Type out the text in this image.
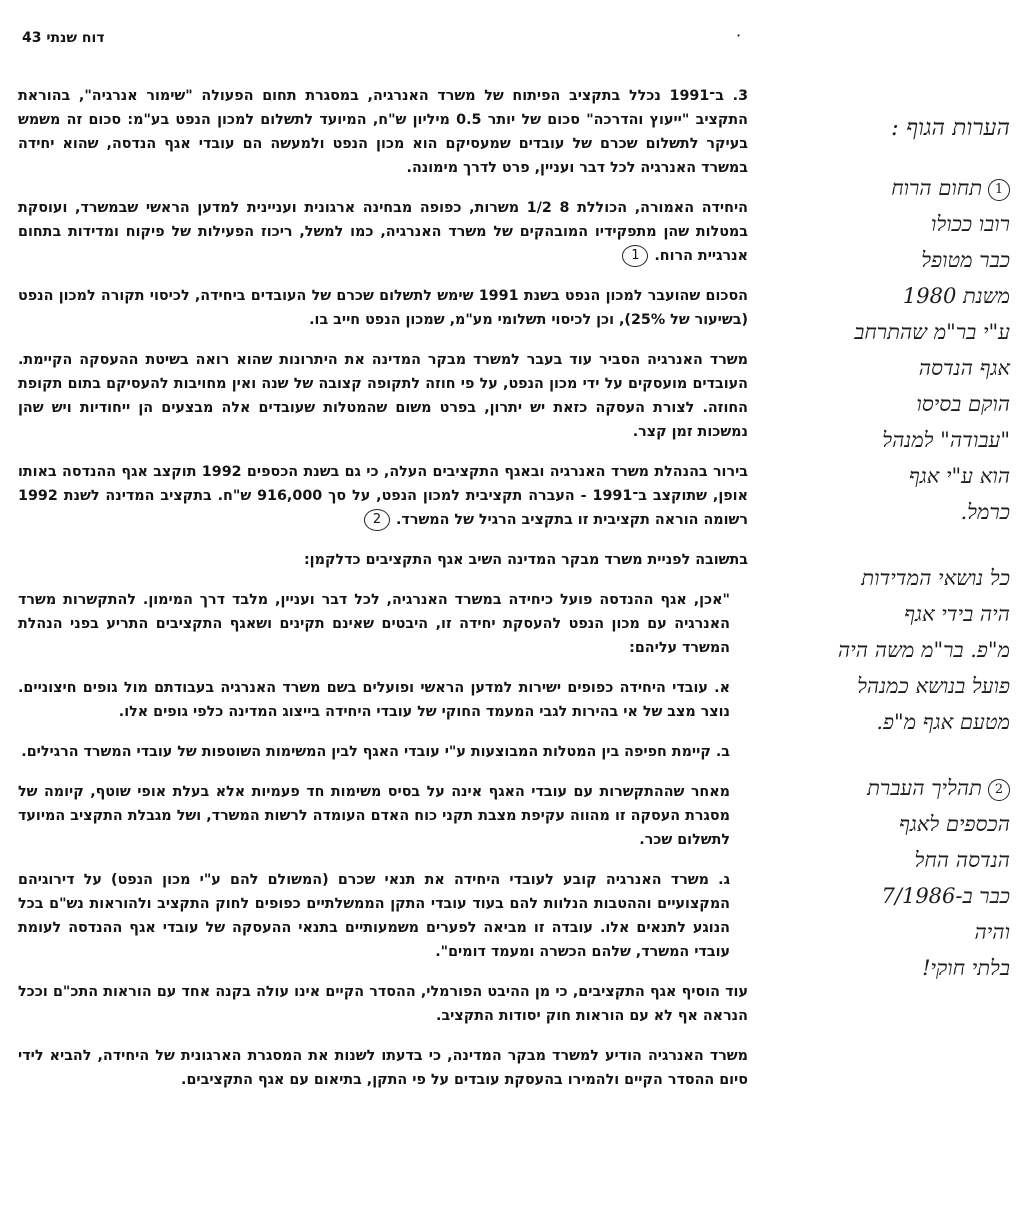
דוח שנתי 43	·

3. ב־1991 נכלל בתקציב הפיתוח של משרד האנרגיה, במסגרת תחום הפעולה "שימור אנרגיה", בהוראת התקציב "ייעוץ והדרכה" סכום של יותר 0.5 מיליון ש"ח, המיועד לתשלום למכון הנפט בע"מ: סכום זה משמש בעיקר לתשלום שכרם של עובדים שמעסיקם הוא מכון הנפט ולמעשה הם עובדי אגף הנדסה, שהוא יחידה במשרד האנרגיה לכל דבר ועניין, פרט לדרך מימונה.

היחידה האמורה, הכוללת 8 1/2 משרות, כפופה מבחינה ארגונית ועניינית למדען הראשי שבמשרד, ועוסקת במטלות שהן מתפקידיו המובהקים של משרד האנרגיה, כמו למשל, ריכוז הפעילות של פיקוח ומדידות בתחום אנרגיית הרוח.1

הסכום שהועבר למכון הנפט בשנת 1991 שימש לתשלום שכרם של העובדים ביחידה, לכיסוי תקורה למכון הנפט (בשיעור של 25%), וכן לכיסוי תשלומי מע"מ, שמכון הנפט חייב בו.

משרד האנרגיה הסביר עוד בעבר למשרד מבקר המדינה את היתרונות שהוא רואה בשיטת ההעסקה הקיימת. העובדים מועסקים על ידי מכון הנפט, על פי חוזה לתקופה קצובה של שנה ואין מחויבות להעסיקם בתום תקופת החוזה. לצורת העסקה כזאת יש יתרון, בפרט משום שהמטלות שעובדים אלה מבצעים הן ייחודיות ויש שהן נמשכות זמן קצר.

בירור בהנהלת משרד האנרגיה ובאגף התקציבים העלה, כי גם בשנת הכספים 1992 תוקצב אגף ההנדסה באותו אופן, שתוקצב ב־1991 - העברה תקציבית למכון הנפט, על סך 916,000 ש"ח. בתקציב המדינה לשנת 1992 רשומה הוראה תקציבית זו בתקציב הרגיל של המשרד.2

בתשובה לפניית משרד מבקר המדינה השיב אגף התקציבים כדלקמן:

"אכן, אגף ההנדסה פועל כיחידה במשרד האנרגיה, לכל דבר ועניין, מלבד דרך המימון. להתקשרות משרד האנרגיה עם מכון הנפט להעסקת יחידה זו, היבטים שאינם תקינים ושאגף התקציבים התריע בפני הנהלת המשרד עליהם:

א. עובדי היחידה כפופים ישירות למדען הראשי ופועלים בשם משרד האנרגיה בעבודתם מול גופים חיצוניים. נוצר מצב של אי בהירות לגבי המעמד החוקי של עובדי היחידה בייצוג המדינה כלפי גופים אלו.

ב. קיימת חפיפה בין המטלות המבוצעות ע"י עובדי האגף לבין המשימות השוטפות של עובדי המשרד הרגילים.

מאחר שההתקשרות עם עובדי האגף אינה על בסיס משימות חד פעמיות אלא בעלת אופי שוטף, קיומה של מסגרת העסקה זו מהווה עקיפת מצבת תקני כוח האדם העומדה לרשות המשרד, ושל מגבלת התקציב המיועד לתשלום שכר.

ג. משרד האנרגיה קובע לעובדי היחידה את תנאי שכרם (המשולם להם ע"י מכון הנפט) על דירוגיהם המקצועיים וההטבות הנלוות להם בעוד עובדי התקן הממשלתיים כפופים לחוק התקציב ולהוראות נש"ם בכל הנוגע לתנאים אלו. עובדה זו מביאה לפערים משמעותיים בתנאי ההעסקה של עובדי אגף ההנדסה לעומת עובדי המשרד, שלהם הכשרה ומעמד דומים".

עוד הוסיף אגף התקציבים, כי מן ההיבט הפורמלי, ההסדר הקיים אינו עולה בקנה אחד עם הוראות התכ"ם וככל הנראה אף לא עם הוראות חוק יסודות התקציב.

משרד האנרגיה הודיע למשרד מבקר המדינה, כי בדעתו לשנות את המסגרת הארגונית של היחידה, להביא לידי סיום ההסדר הקיים ולהמירו בהעסקת עובדים על פי התקן, בתיאום עם אגף התקציבים.

הערות הגוף :
1תחום הרוח
רובו ככולו
כבר מטופל
משנת 1980
ע"י בר"מ שהתרחב
אגף הנדסה
הוקם בסיסו
"עבודה" למנהל
הוא ע"י אגף
כרמל.
כל נושאי המדידות
היה בידי אגף
מ"פ. בר"מ משה היה
פועל בנושא כמנהל
מטעם אגף מ"פ.
2תהליך העברת
הכספים לאגף
הנדסה החל
כבר ב-7/1986
והיה
בלתי חוקי!
